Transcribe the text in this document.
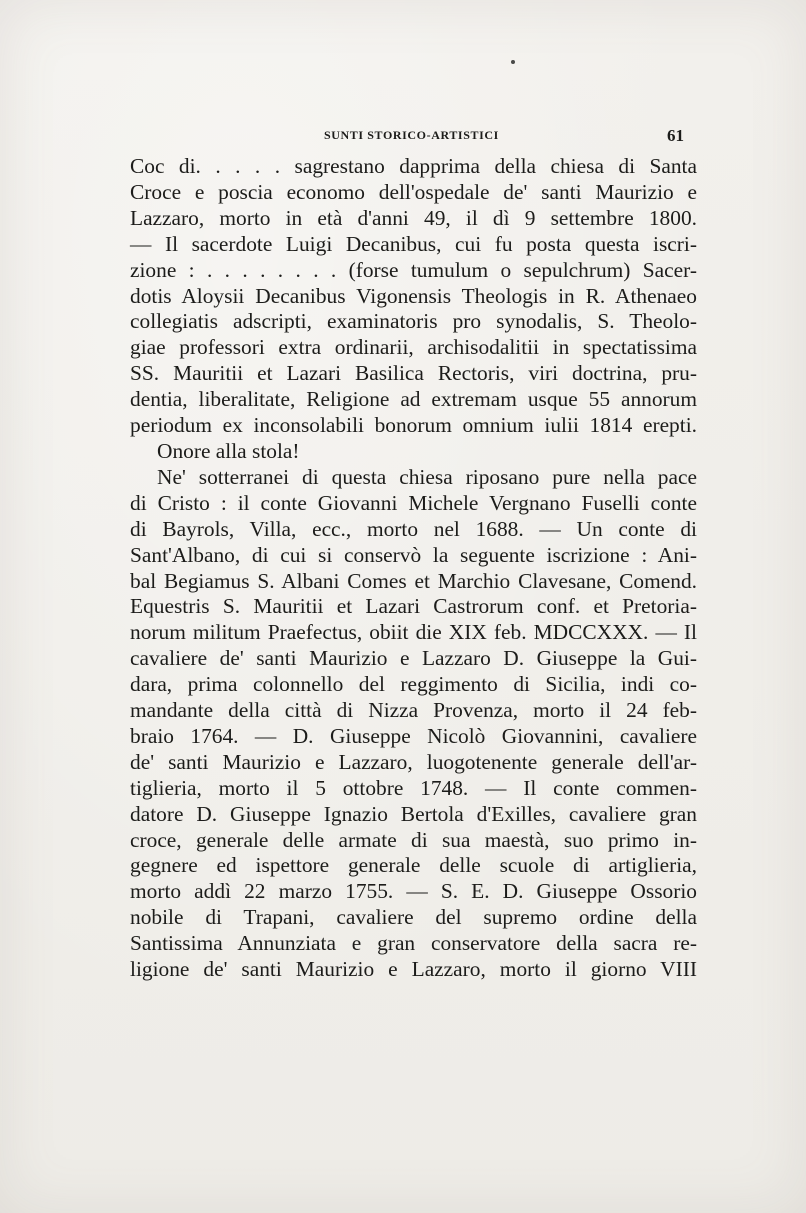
SUNTI STORICO-ARTISTICI	61
Coc di. . . . . sagrestano dapprima della chiesa di Santa
Croce e poscia economo dell'ospedale de' santi Maurizio e
Lazzaro, morto in età d'anni 49, il dì 9 settembre 1800.
— Il sacerdote Luigi Decanibus, cui fu posta questa iscri-
zione : . . . . . . . . (forse tumulum o sepulchrum) Sacer-
dotis Aloysii Decanibus Vigonensis Theologis in R. Athenaeo
collegiatis adscripti, examinatoris pro synodalis, S. Theolo-
giae professori extra ordinarii, archisodalitii in spectatissima
SS. Mauritii et Lazari Basilica Rectoris, viri doctrina, pru-
dentia, liberalitate, Religione ad extremam usque 55 annorum
periodum ex inconsolabili bonorum omnium iulii 1814 erepti.
Onore alla stola!
Ne' sotterranei di questa chiesa riposano pure nella pace
di Cristo : il conte Giovanni Michele Vergnano Fuselli conte
di Bayrols, Villa, ecc., morto nel 1688. — Un conte di
Sant'Albano, di cui si conservò la seguente iscrizione : Ani-
bal Begiamus S. Albani Comes et Marchio Clavesane, Comend.
Equestris S. Mauritii et Lazari Castrorum conf. et Pretoria-
norum militum Praefectus, obiit die XIX feb. MDCCXXX. — Il
cavaliere de' santi Maurizio e Lazzaro D. Giuseppe la Gui-
dara, prima colonnello del reggimento di Sicilia, indi co-
mandante della città di Nizza Provenza, morto il 24 feb-
braio 1764. — D. Giuseppe Nicolò Giovannini, cavaliere
de' santi Maurizio e Lazzaro, luogotenente generale dell'ar-
tiglieria, morto il 5 ottobre 1748. — Il conte commen-
datore D. Giuseppe Ignazio Bertola d'Exilles, cavaliere gran
croce, generale delle armate di sua maestà, suo primo in-
gegnere ed ispettore generale delle scuole di artiglieria,
morto addì 22 marzo 1755. — S. E. D. Giuseppe Ossorio
nobile di Trapani, cavaliere del supremo ordine della
Santissima Annunziata e gran conservatore della sacra re-
ligione de' santi Maurizio e Lazzaro, morto il giorno VIII
